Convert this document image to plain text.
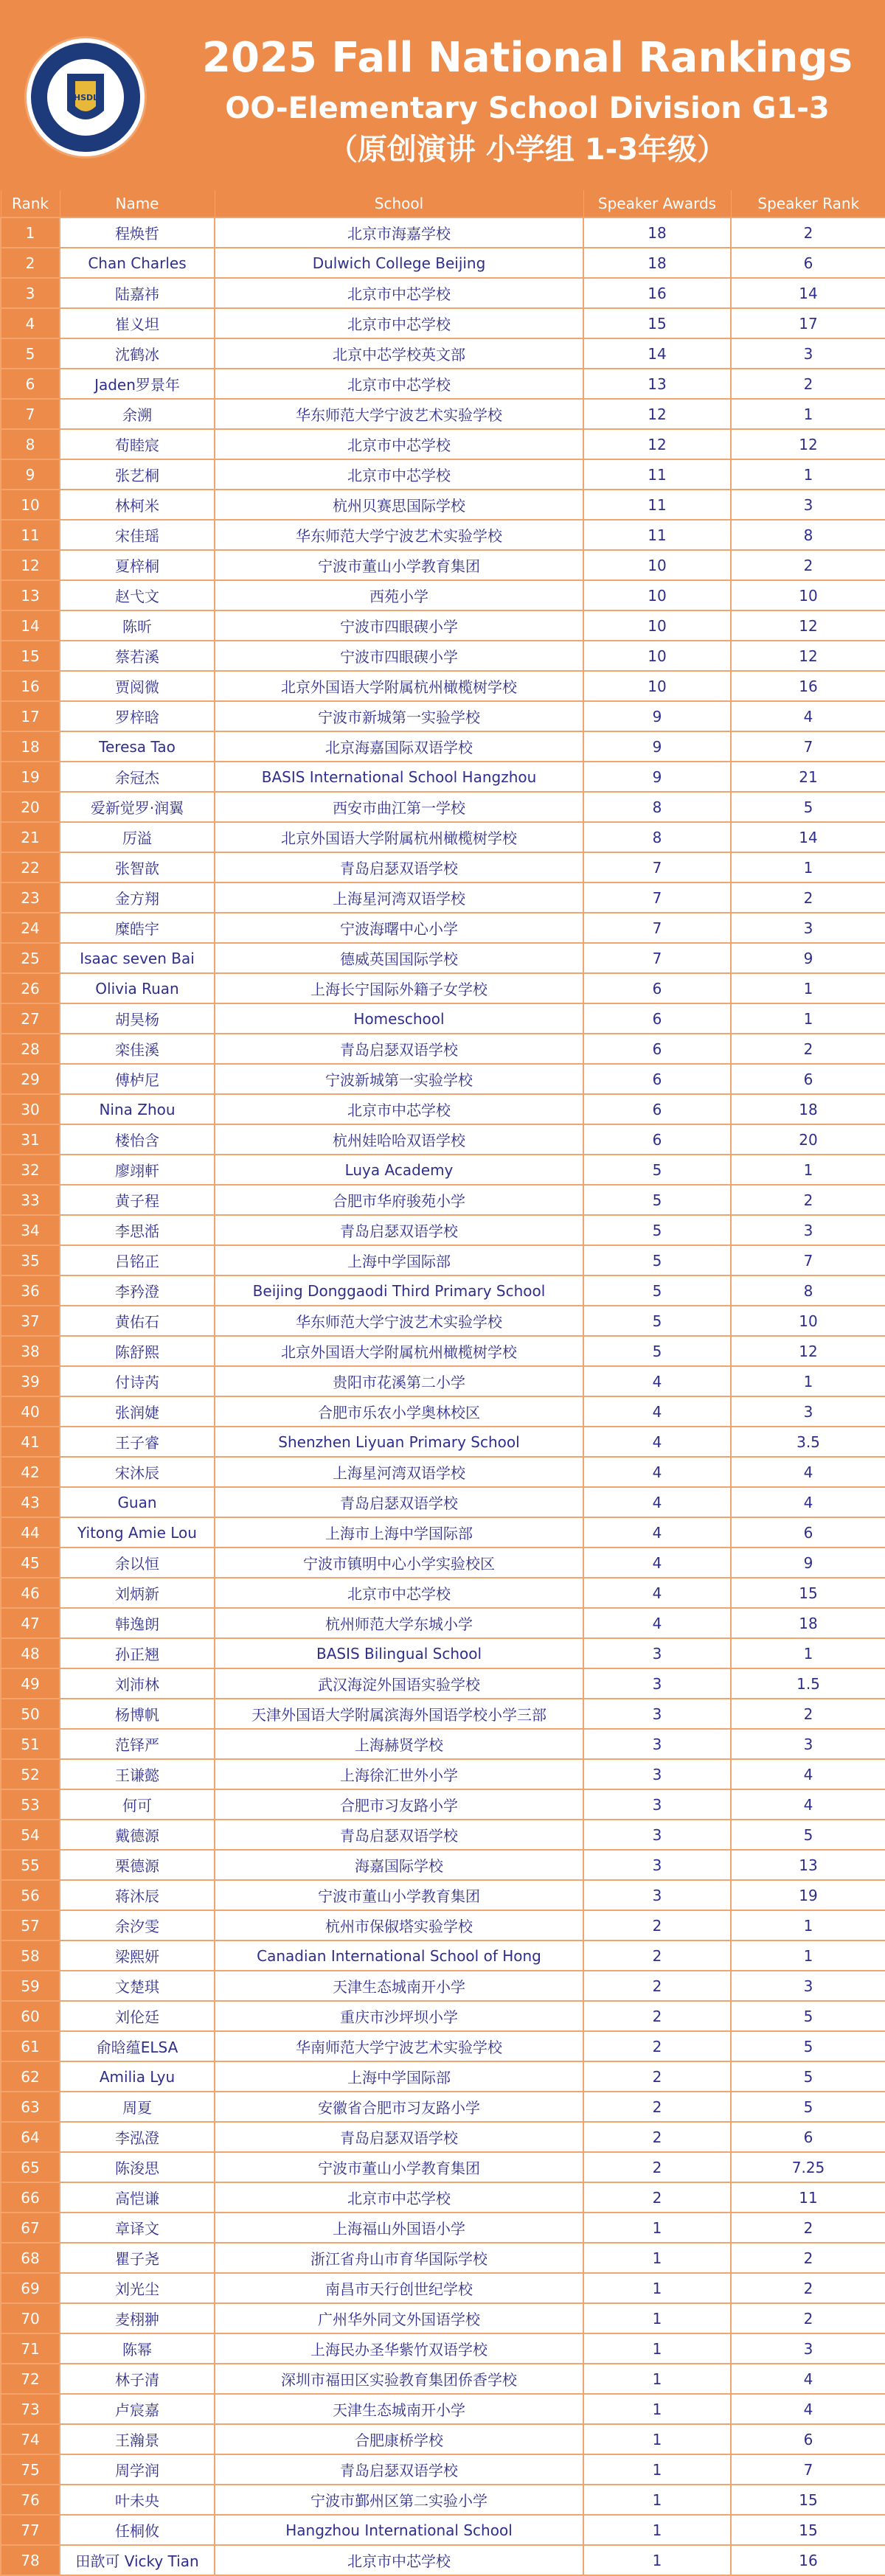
NHSDLC
2025 Fall National Rankings
OO-Elementary School Division G1-3
（原创演讲 小学组 1-3年级）
Rank	Name	School	Speaker Awards	Speaker Rank
1	程焕哲	北京市海嘉学校	18	2
2	Chan Charles	Dulwich College Beijing	18	6
3	陆嘉祎	北京市中芯学校	16	14
4	崔义坦	北京市中芯学校	15	17
5	沈鹤冰	北京中芯学校英文部	14	3
6	Jaden罗景年	北京市中芯学校	13	2
7	余溯	华东师范大学宁波艺术实验学校	12	1
8	荀睦宸	北京市中芯学校	12	12
9	张艺桐	北京市中芯学校	11	1
10	林柯米	杭州贝赛思国际学校	11	3
11	宋佳瑶	华东师范大学宁波艺术实验学校	11	8
12	夏梓桐	宁波市董山小学教育集团	10	2
13	赵弋文	西苑小学	10	10
14	陈昕	宁波市四眼碶小学	10	12
15	蔡若溪	宁波市四眼碶小学	10	12
16	贾阅微	北京外国语大学附属杭州橄榄树学校	10	16
17	罗梓晗	宁波市新城第一实验学校	9	4
18	Teresa Tao	北京海嘉国际双语学校	9	7
19	余冠杰	BASIS International School Hangzhou	9	21
20	爱新觉罗·润翼	西安市曲江第一学校	8	5
21	厉溢	北京外国语大学附属杭州橄榄树学校	8	14
22	张智歆	青岛启瑟双语学校	7	1
23	金方翔	上海星河湾双语学校	7	2
24	糜皓宇	宁波海曙中心小学	7	3
25	Isaac seven Bai	德威英国国际学校	7	9
26	Olivia Ruan	上海长宁国际外籍子女学校	6	1
27	胡昊杨	Homeschool	6	1
28	栾佳溪	青岛启瑟双语学校	6	2
29	傅栌尼	宁波新城第一实验学校	6	6
30	Nina Zhou	北京市中芯学校	6	18
31	楼怡含	杭州娃哈哈双语学校	6	20
32	廖翊軒	Luya Academy	5	1
33	黄子程	合肥市华府骏苑小学	5	2
34	李思湉	青岛启瑟双语学校	5	3
35	吕铭正	上海中学国际部	5	7
36	李矜澄	Beijing Donggaodi Third Primary School	5	8
37	黄佑石	华东师范大学宁波艺术实验学校	5	10
38	陈舒熙	北京外国语大学附属杭州橄榄树学校	5	12
39	付诗芮	贵阳市花溪第二小学	4	1
40	张润婕	合肥市乐农小学奥林校区	4	3
41	王子睿	Shenzhen Liyuan Primary School	4	3.5
42	宋沐辰	上海星河湾双语学校	4	4
43	Guan	青岛启瑟双语学校	4	4
44	Yitong Amie Lou	上海市上海中学国际部	4	6
45	余以恒	宁波市镇明中心小学实验校区	4	9
46	刘炳新	北京市中芯学校	4	15
47	韩逸朗	杭州师范大学东城小学	4	18
48	孙正翘	BASIS Bilingual School	3	1
49	刘沛林	武汉海淀外国语实验学校	3	1.5
50	杨博帆	天津外国语大学附属滨海外国语学校小学三部	3	2
51	范铎严	上海赫贤学校	3	3
52	王谦懿	上海徐汇世外小学	3	4
53	何可	合肥市习友路小学	3	4
54	戴德源	青岛启瑟双语学校	3	5
55	栗德源	海嘉国际学校	3	13
56	蒋沐辰	宁波市董山小学教育集团	3	19
57	余汐雯	杭州市保俶塔实验学校	2	1
58	梁熙妍	Canadian International School of Hong	2	1
59	文楚琪	天津生态城南开小学	2	3
60	刘伦廷	重庆市沙坪坝小学	2	5
61	俞晗蕴ELSA	华南师范大学宁波艺术实验学校	2	5
62	Amilia Lyu	上海中学国际部	2	5
63	周夏	安徽省合肥市习友路小学	2	5
64	李泓澄	青岛启瑟双语学校	2	6
65	陈浚思	宁波市董山小学教育集团	2	7.25
66	高恺谦	北京市中芯学校	2	11
67	章译文	上海福山外国语小学	1	2
68	瞿子尧	浙江省舟山市育华国际学校	1	2
69	刘光尘	南昌市天行创世纪学校	1	2
70	麦栩翀	广州华外同文外国语学校	1	2
71	陈幂	上海民办圣华紫竹双语学校	1	3
72	林子清	深圳市福田区实验教育集团侨香学校	1	4
73	卢宸嘉	天津生态城南开小学	1	4
74	王瀚景	合肥康桥学校	1	6
75	周学润	青岛启瑟双语学校	1	7
76	叶未央	宁波市鄞州区第二实验小学	1	15
77	任桐攸	Hangzhou International School	1	15
78	田歆可 Vicky Tian	北京市中芯学校	1	16
